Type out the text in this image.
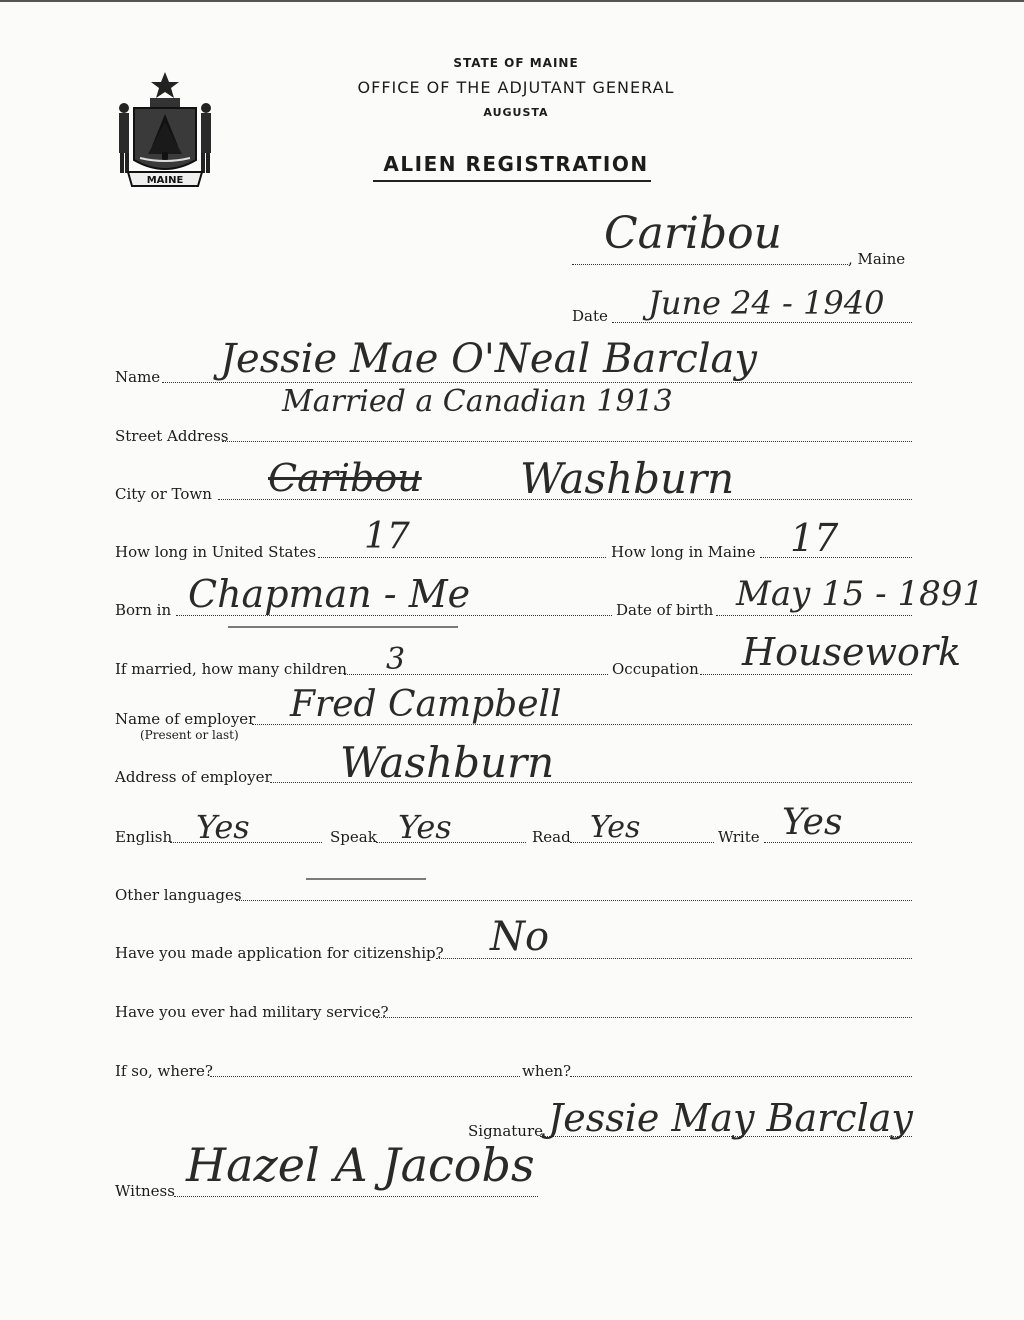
MAINE
STATE OF MAINE
OFFICE OF THE ADJUTANT GENERAL
AUGUSTA
ALIEN REGISTRATION
Caribou	, Maine
Date June 24 - 1940
Name Jessie Mae O'Neal Barclay
Married a Canadian 1913
Street Address
City or Town Caribou Washburn
How long in United States 17	How long in Maine 17
Born in Chapman - Me	Date of birth May 15 - 1891
If married, how many children 3	Occupation Housework
Name of employer
(Present or last)
Fred Campbell
Address of employer Washburn
English Yes	Speak Yes	Read Yes	Write Yes
Other languages
Have you made application for citizenship? No
Have you ever had military service?
If so, where?	when?
Signature Jessie May Barclay
Witness Hazel A Jacobs
